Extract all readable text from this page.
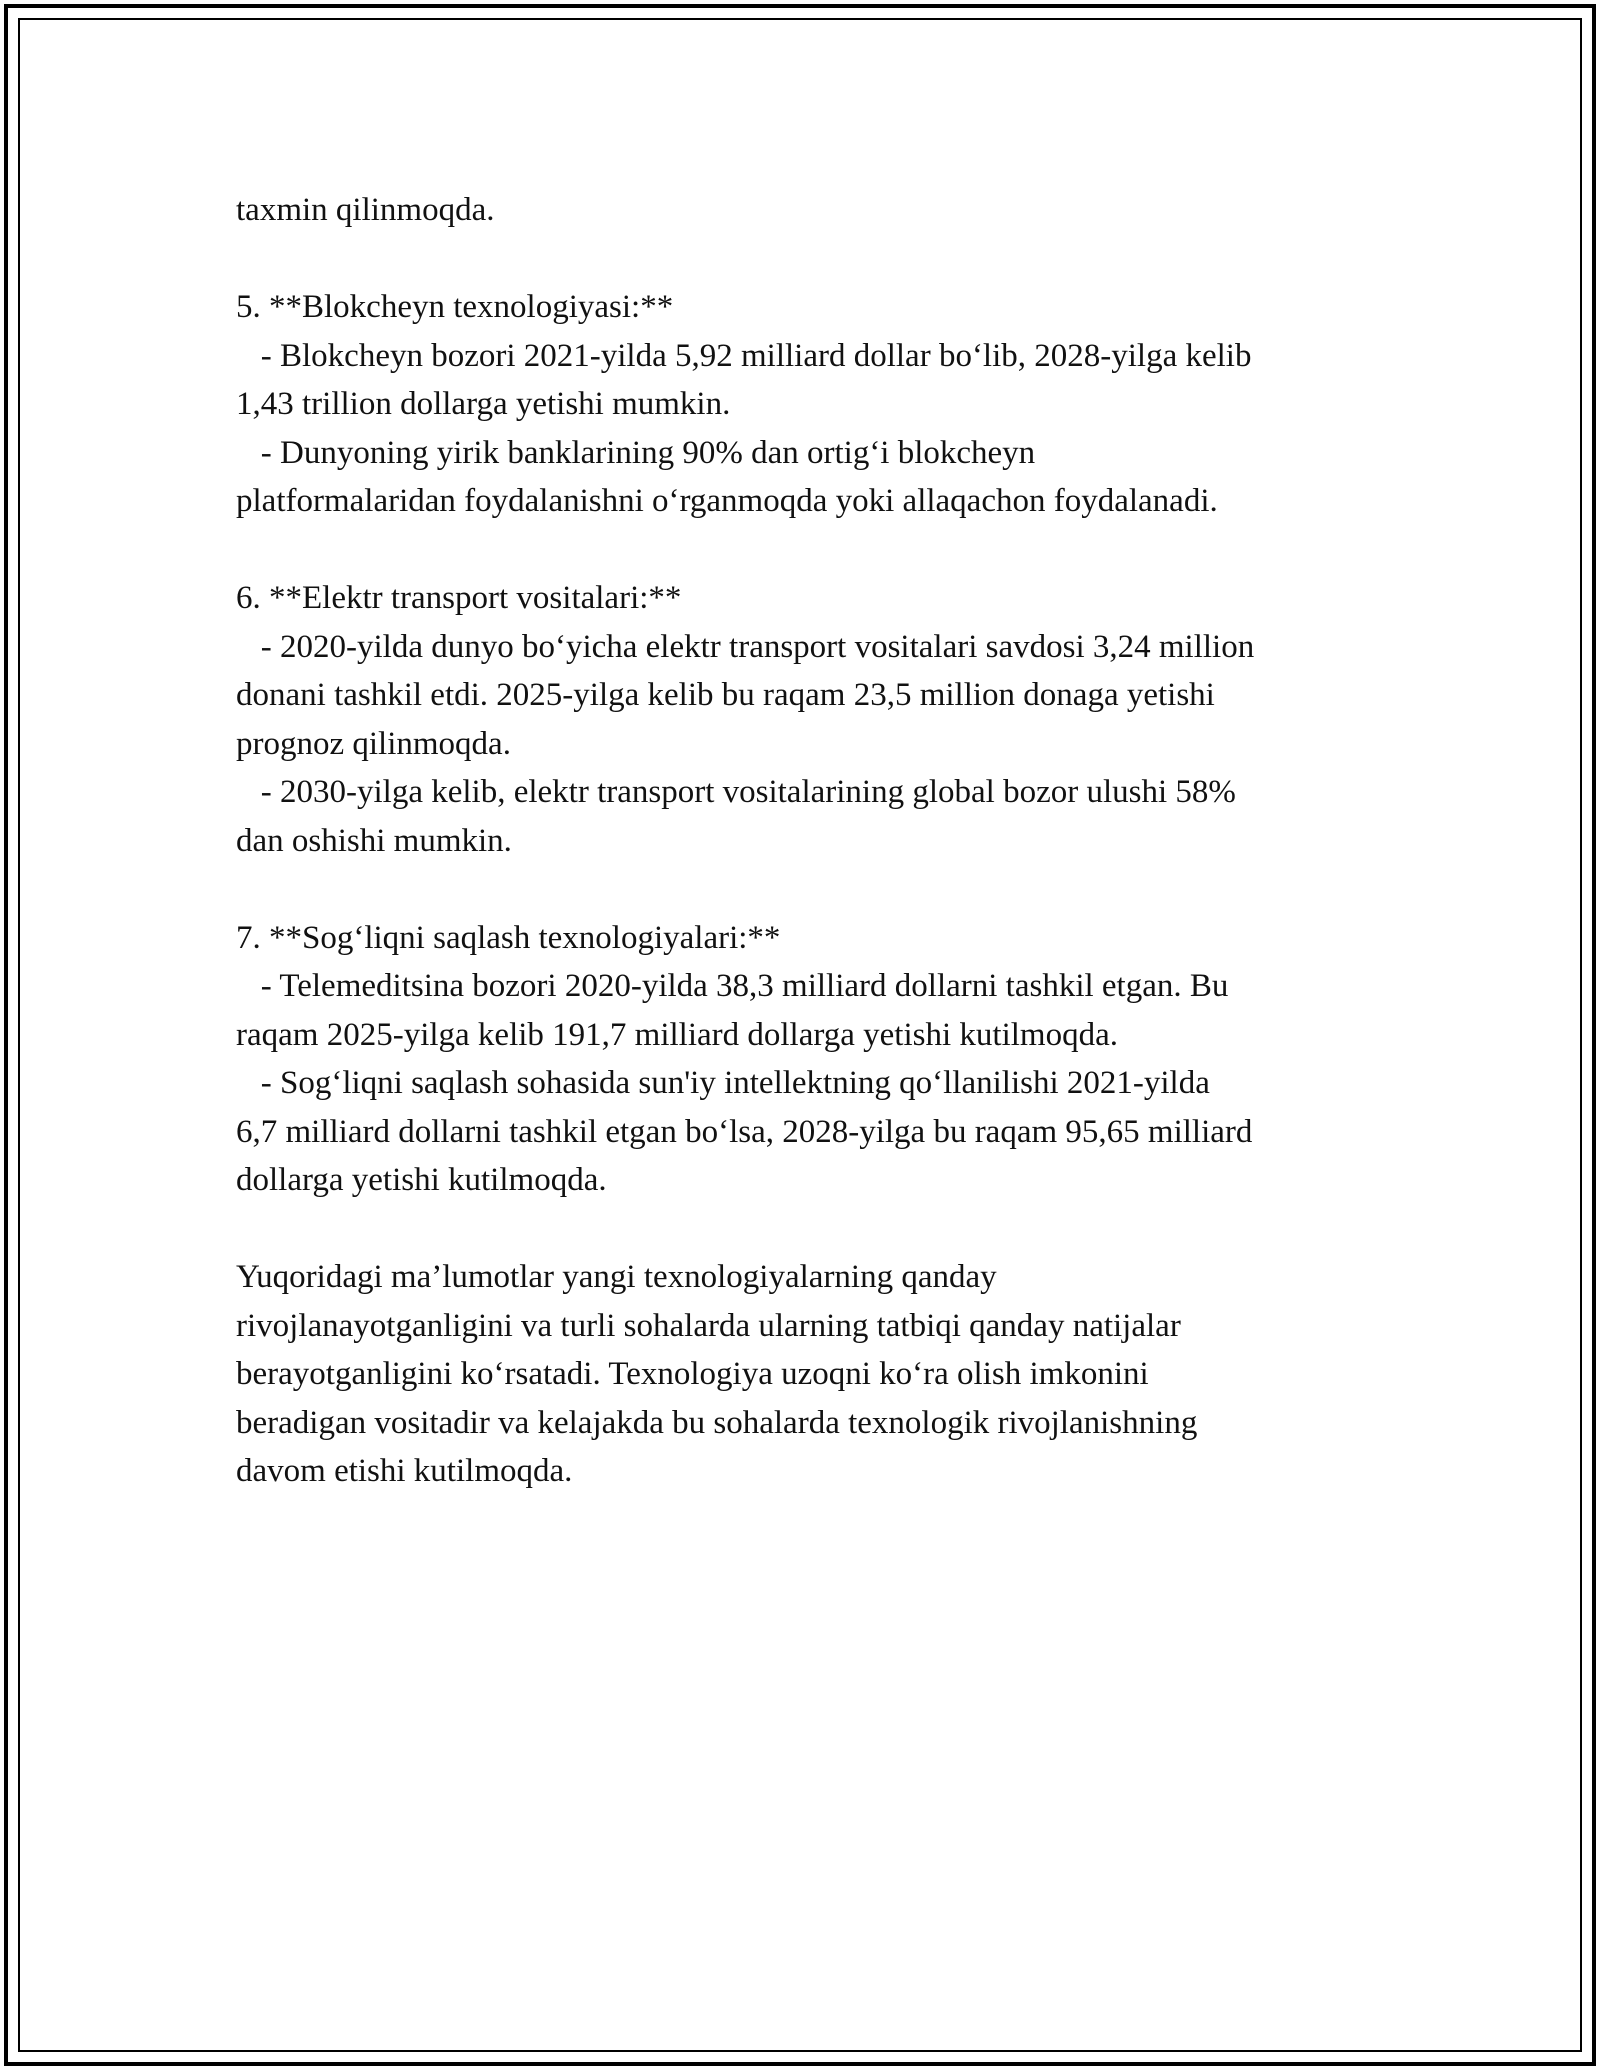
taxmin qilinmoqda.
5. **Blokcheyn texnologiyasi:**
- Blokcheyn bozori 2021-yilda 5,92 milliard dollar bo‘lib, 2028-yilga kelib
1,43 trillion dollarga yetishi mumkin.
- Dunyoning yirik banklarining 90% dan ortig‘i blokcheyn
platformalaridan foydalanishni o‘rganmoqda yoki allaqachon foydalanadi.
6. **Elektr transport vositalari:**
- 2020-yilda dunyo bo‘yicha elektr transport vositalari savdosi 3,24 million
donani tashkil etdi. 2025-yilga kelib bu raqam 23,5 million donaga yetishi
prognoz qilinmoqda.
- 2030-yilga kelib, elektr transport vositalarining global bozor ulushi 58%
dan oshishi mumkin.
7. **Sog‘liqni saqlash texnologiyalari:**
- Telemeditsina bozori 2020-yilda 38,3 milliard dollarni tashkil etgan. Bu
raqam 2025-yilga kelib 191,7 milliard dollarga yetishi kutilmoqda.
- Sog‘liqni saqlash sohasida sun'iy intellektning qo‘llanilishi 2021-yilda
6,7 milliard dollarni tashkil etgan bo‘lsa, 2028-yilga bu raqam 95,65 milliard
dollarga yetishi kutilmoqda.
Yuqoridagi ma’lumotlar yangi texnologiyalarning qanday
rivojlanayotganligini va turli sohalarda ularning tatbiqi qanday natijalar
berayotganligini ko‘rsatadi. Texnologiya uzoqni ko‘ra olish imkonini
beradigan vositadir va kelajakda bu sohalarda texnologik rivojlanishning
davom etishi kutilmoqda.
